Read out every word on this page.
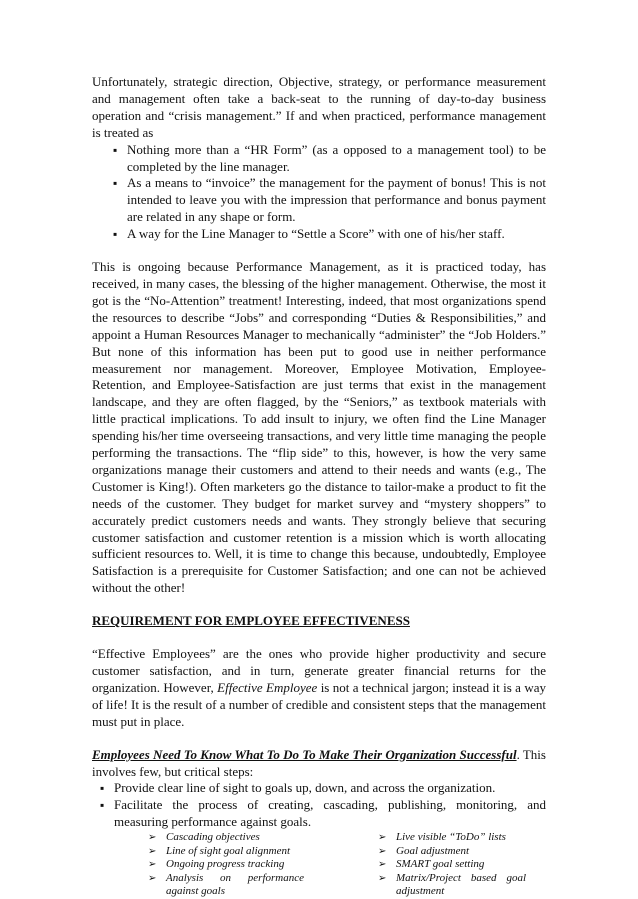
Unfortunately, strategic direction, Objective, strategy, or performance measurement and management often take a back-seat to the running of day-to-day business operation and “crisis management.” If and when practiced, performance management is treated as

▪ Nothing more than a “HR Form” (as a opposed to a management tool) to be completed by the line manager.
▪ As a means to “invoice” the management for the payment of bonus! This is not intended to leave you with the impression that performance and bonus payment are related in any shape or form.
▪ A way for the Line Manager to “Settle a Score” with one of his/her staff.

This is ongoing because Performance Management, as it is practiced today, has received, in many cases, the blessing of the higher management. Otherwise, the most it got is the “No-Attention” treatment! Interesting, indeed, that most organizations spend the resources to describe “Jobs” and corresponding “Duties & Responsibilities,” and appoint a Human Resources Manager to mechanically “administer” the “Job Holders.” But none of this information has been put to good use in neither performance measurement nor management. Moreover, Employee Motivation, Employee-Retention, and Employee-Satisfaction are just terms that exist in the management landscape, and they are often flagged, by the “Seniors,” as textbook materials with little practical implications. To add insult to injury, we often find the Line Manager spending his/her time overseeing transactions, and very little time managing the people performing the transactions. The “flip side” to this, however, is how the very same organizations manage their customers and attend to their needs and wants (e.g., The Customer is King!). Often marketers go the distance to tailor-make a product to fit the needs of the customer. They budget for market survey and “mystery shoppers” to accurately predict customers needs and wants. They strongly believe that securing customer satisfaction and customer retention is a mission which is worth allocating sufficient resources to. Well, it is time to change this because, undoubtedly, Employee Satisfaction is a prerequisite for Customer Satisfaction; and one can not be achieved without the other!

REQUIREMENT FOR EMPLOYEE EFFECTIVENESS

“Effective Employees” are the ones who provide higher productivity and secure customer satisfaction, and in turn, generate greater financial returns for the organization. However, Effective Employee is not a technical jargon; instead it is a way of life! It is the result of a number of credible and consistent steps that the management must put in place.

Employees Need To Know What To Do To Make Their Organization Successful. This involves few, but critical steps:

▪ Provide clear line of sight to goals up, down, and across the organization.
▪ Facilitate the process of creating, cascading, publishing, monitoring, and measuring performance against goals.
➢ Cascading objectives
➢ Line of sight goal alignment
➢ Ongoing progress tracking
➢ Analysis on performance against goals
➢ Live visible “ToDo” lists
➢ Goal adjustment
➢ SMART goal setting
➢ Matrix/Project based goal adjustment
